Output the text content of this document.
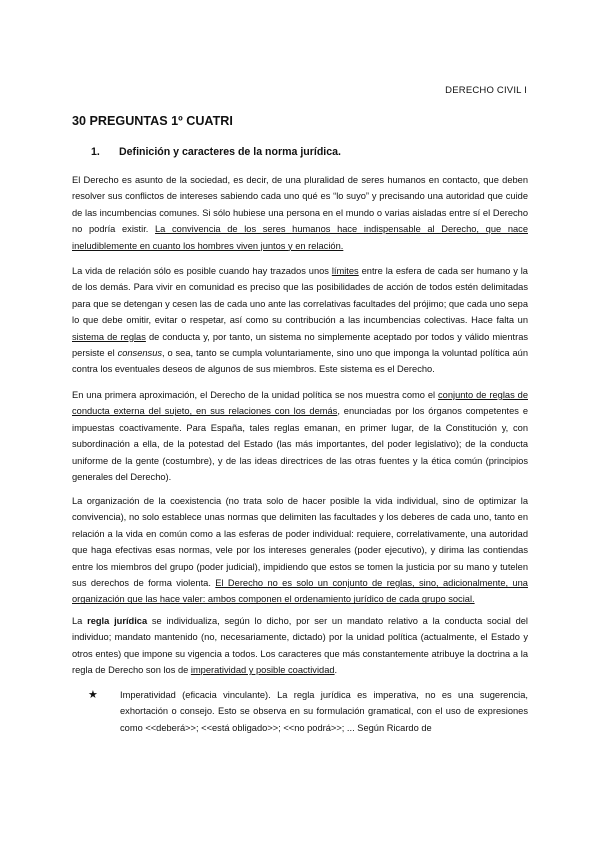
DERECHO CIVIL I
30 PREGUNTAS 1º CUATRI
1. Definición y caracteres de la norma jurídica.

El Derecho es asunto de la sociedad, es decir, de una pluralidad de seres humanos en contacto, que deben resolver sus conflictos de intereses sabiendo cada uno qué es “lo suyo” y precisando una autoridad que cuide de las incumbencias comunes. Si sólo hubiese una persona en el mundo o varias aisladas entre sí el Derecho no podría existir. La convivencia de los seres humanos hace indispensable al Derecho, que nace ineludiblemente en cuanto los hombres viven juntos y en relación.

La vida de relación sólo es posible cuando hay trazados unos límites entre la esfera de cada ser humano y la de los demás. Para vivir en comunidad es preciso que las posibilidades de acción de todos estén delimitadas para que se detengan y cesen las de cada uno ante las correlativas facultades del prójimo; que cada uno sepa lo que debe omitir, evitar o respetar, así como su contribución a las incumbencias colectivas. Hace falta un sistema de reglas de conducta y, por tanto, un sistema no simplemente aceptado por todos y válido mientras persiste el consensus, o sea, tanto se cumpla voluntariamente, sino uno que imponga la voluntad política aún contra los eventuales deseos de algunos de sus miembros. Este sistema es el Derecho.

En una primera aproximación, el Derecho de la unidad política se nos muestra como el conjunto de reglas de conducta externa del sujeto, en sus relaciones con los demás, enunciadas por los órganos competentes e impuestas coactivamente. Para España, tales reglas emanan, en primer lugar, de la Constitución y, con subordinación a ella, de la potestad del Estado (las más importantes, del poder legislativo); de la conducta uniforme de la gente (costumbre), y de las ideas directrices de las otras fuentes y la ética común (principios generales del Derecho).

La organización de la coexistencia (no trata solo de hacer posible la vida individual, sino de optimizar la convivencia), no solo establece unas normas que delimiten las facultades y los deberes de cada uno, tanto en relación a la vida en común como a las esferas de poder individual: requiere, correlativamente, una autoridad que haga efectivas esas normas, vele por los intereses generales (poder ejecutivo), y dirima las contiendas entre los miembros del grupo (poder judicial), impidiendo que estos se tomen la justicia por su mano y tutelen sus derechos de forma violenta. El Derecho no es solo un conjunto de reglas, sino, adicionalmente, una organización que las hace valer: ambos componen el ordenamiento jurídico de cada grupo social.

La regla jurídica se individualiza, según lo dicho, por ser un mandato relativo a la conducta social del individuo; mandato mantenido (no, necesariamente, dictado) por la unidad política (actualmente, el Estado y otros entes) que impone su vigencia a todos. Los caracteres que más constantemente atribuye la doctrina a la regla de Derecho son los de imperatividad y posible coactividad.

★ Imperatividad (eficacia vinculante). La regla jurídica es imperativa, no es una sugerencia, exhortación o consejo. Esto se observa en su formulación gramatical, con el uso de expresiones como <<deberá>>; <<está obligado>>; <<no podrá>>; ... Según Ricardo de
